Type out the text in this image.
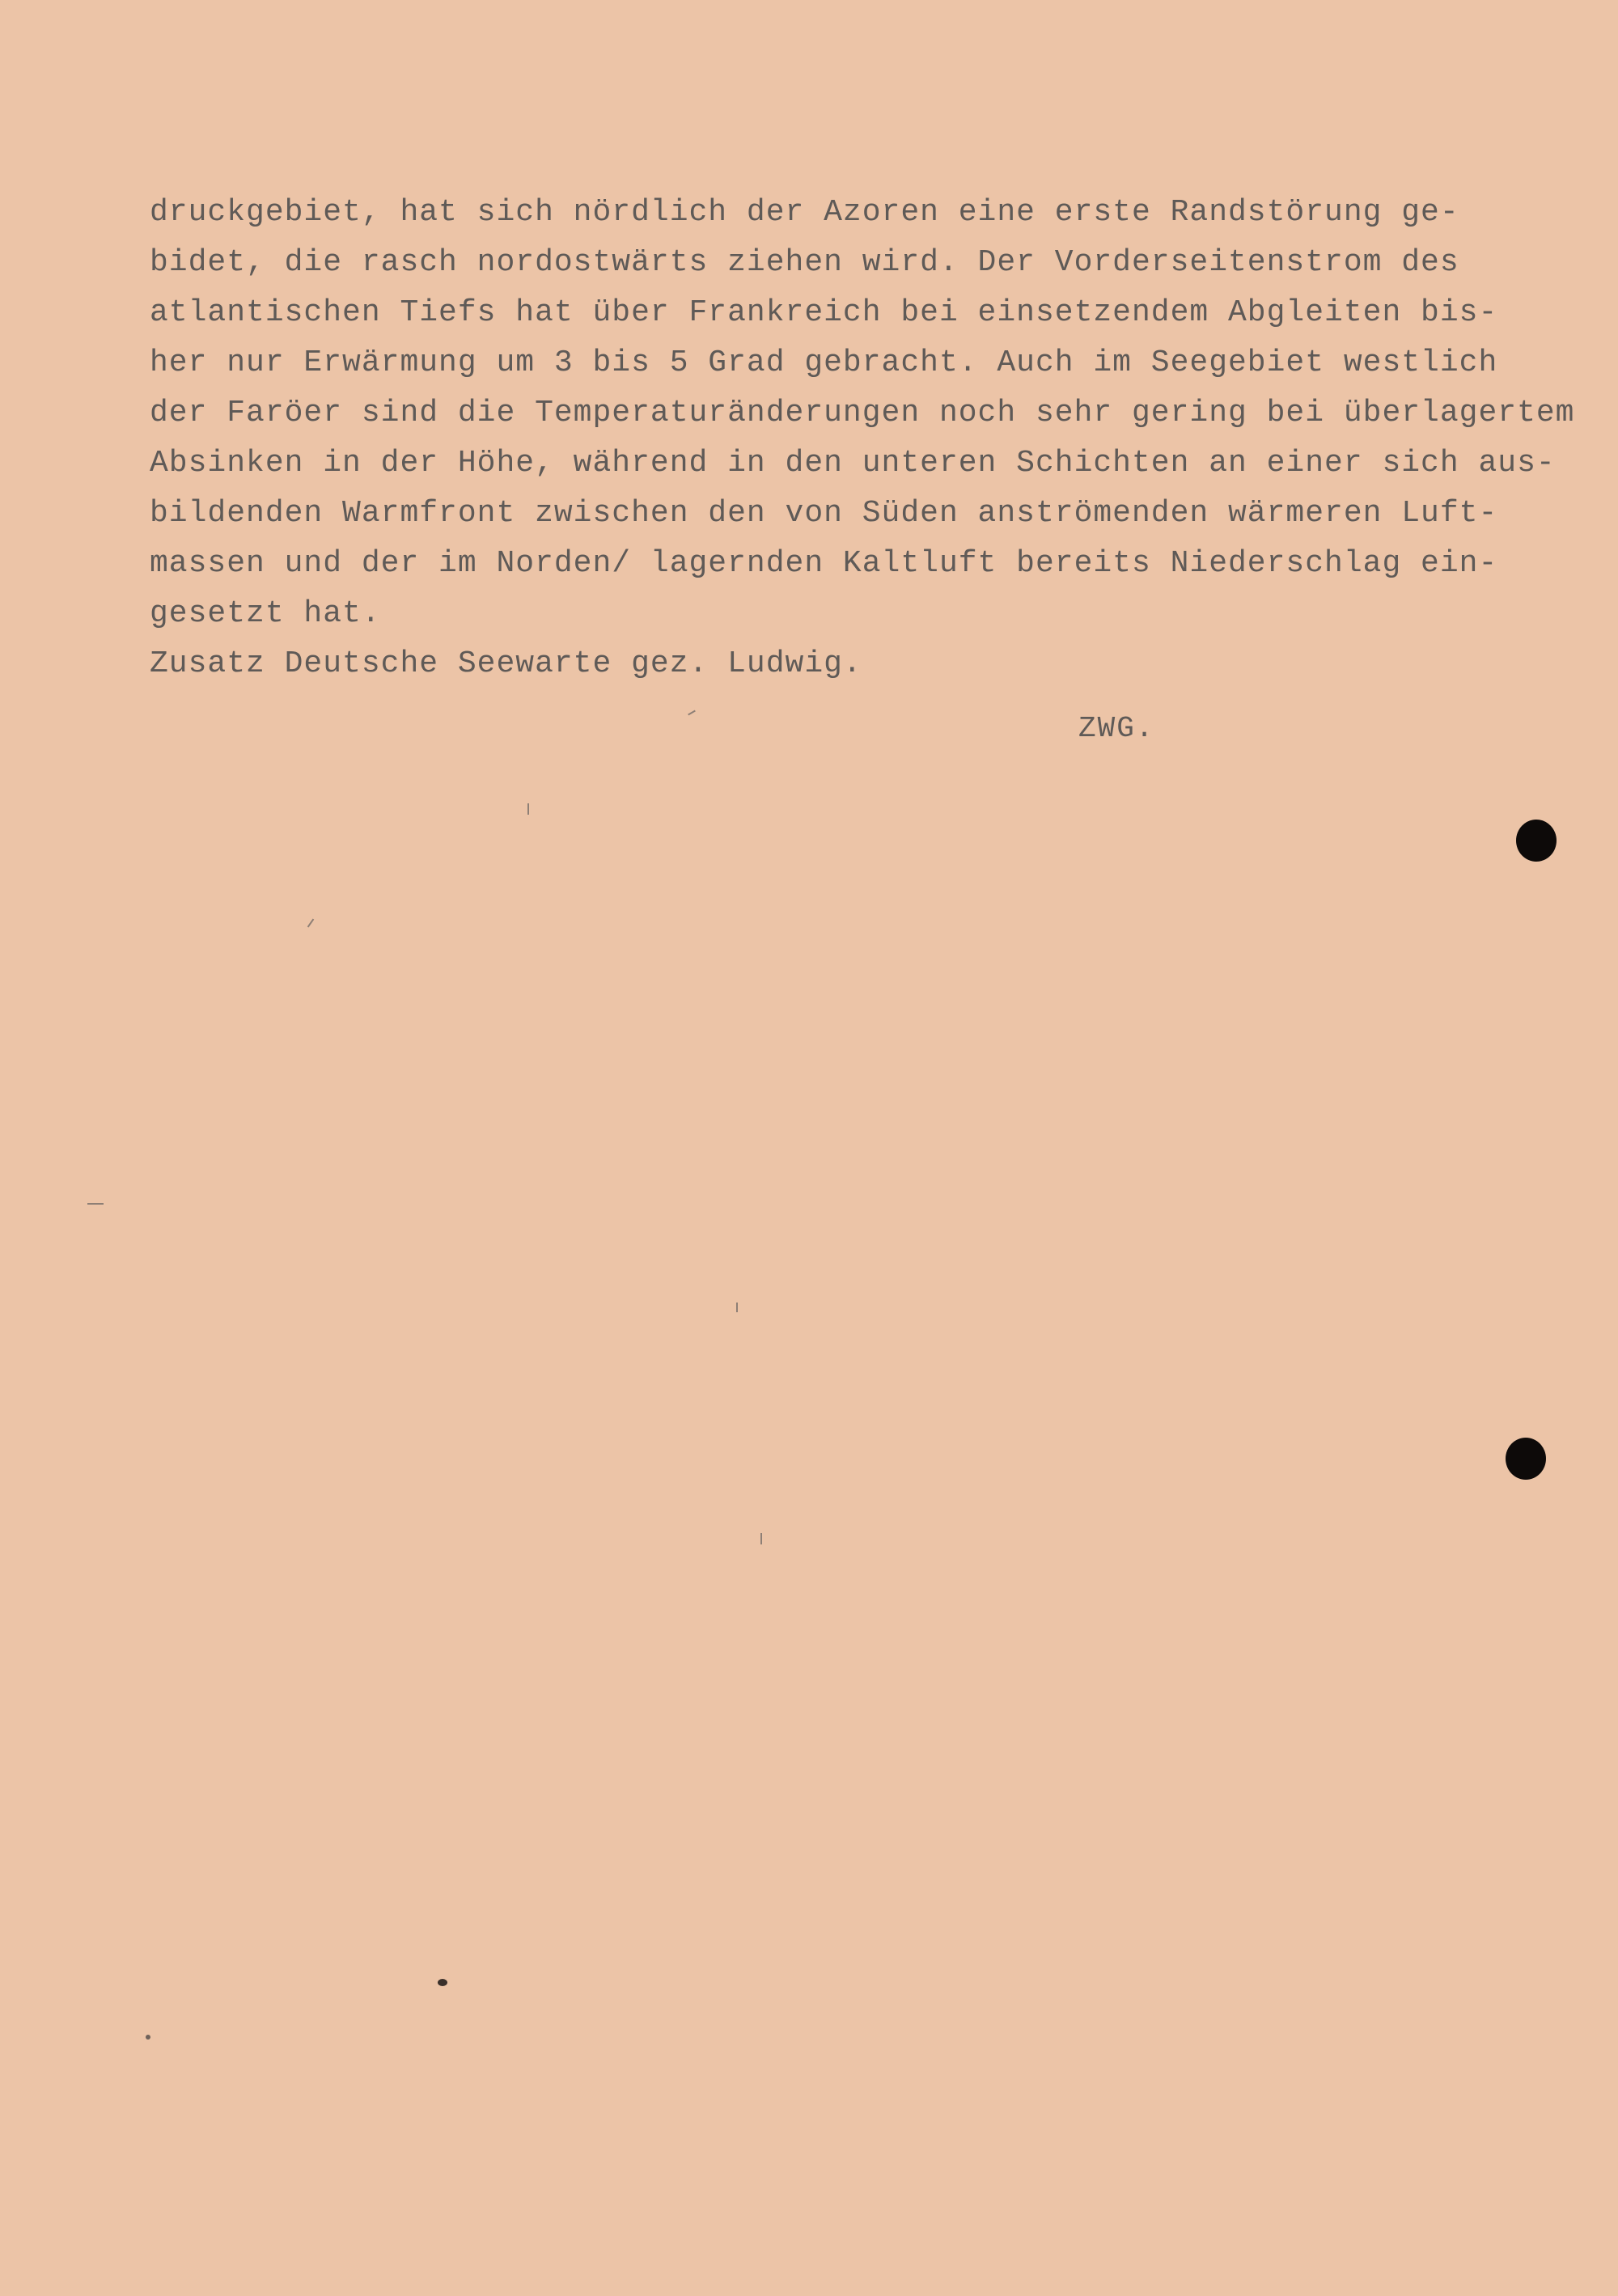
druckgebiet, hat sich nördlich der Azoren eine erste Randstörung ge-
bidet, die rasch nordostwärts ziehen wird. Der Vorderseitenstrom des
atlantischen Tiefs hat über Frankreich bei einsetzendem Abgleiten bis-
her nur Erwärmung um 3 bis 5 Grad gebracht. Auch im Seegebiet westlich
der Faröer sind die Temperaturänderungen noch sehr gering bei überlagertem
Absinken in der Höhe, während in den unteren Schichten an einer sich aus-
bildenden Warmfront zwischen den von Süden anströmenden wärmeren Luft-
massen und der im Norden/ lagernden Kaltluft bereits Niederschlag ein-
gesetzt hat.
Zusatz Deutsche Seewarte gez. Ludwig.
ZWG.
